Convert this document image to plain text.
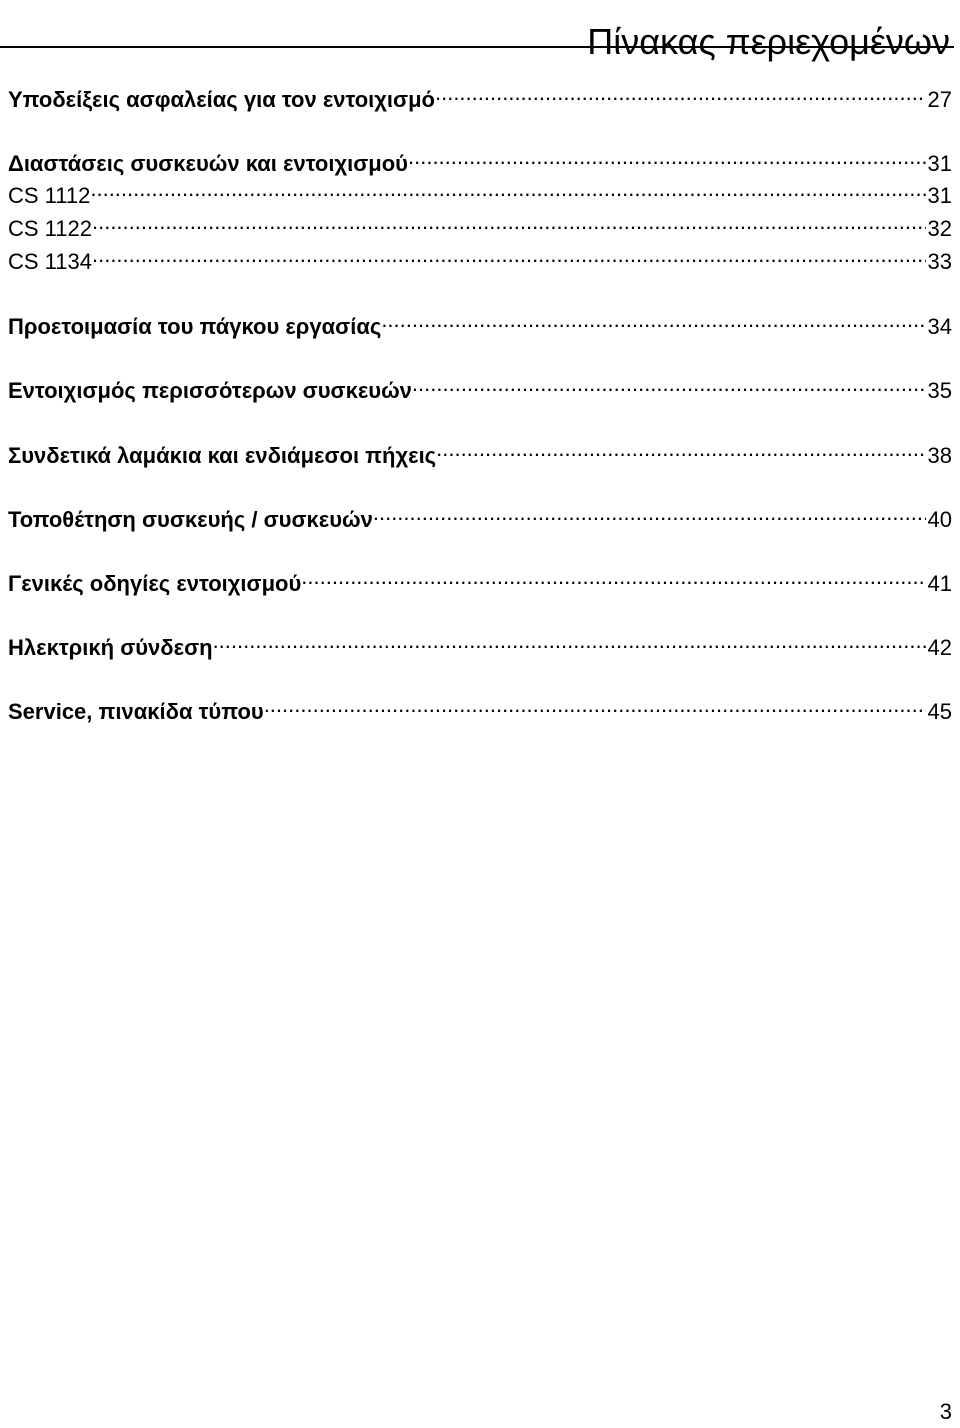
Πίνακας περιεχομένων
Υποδείξεις ασφαλείας για τον εντοιχισμό .....	27
Διαστάσεις συσκευών και εντοιχισμού .....	31
CS 1112 .....	31
CS 1122 .....	32
CS 1134 .....	33
Προετοιμασία του πάγκου εργασίας .....	34
Εντοιχισμός περισσότερων συσκευών .....	35
Συνδετικά λαμάκια και ενδιάμεσοι πήχεις .....	38
Τοποθέτηση συσκευής / συσκευών .....	40
Γενικές οδηγίες εντοιχισμού .....	41
Ηλεκτρική σύνδεση .....	42
Service, πινακίδα τύπου .....	45
3
